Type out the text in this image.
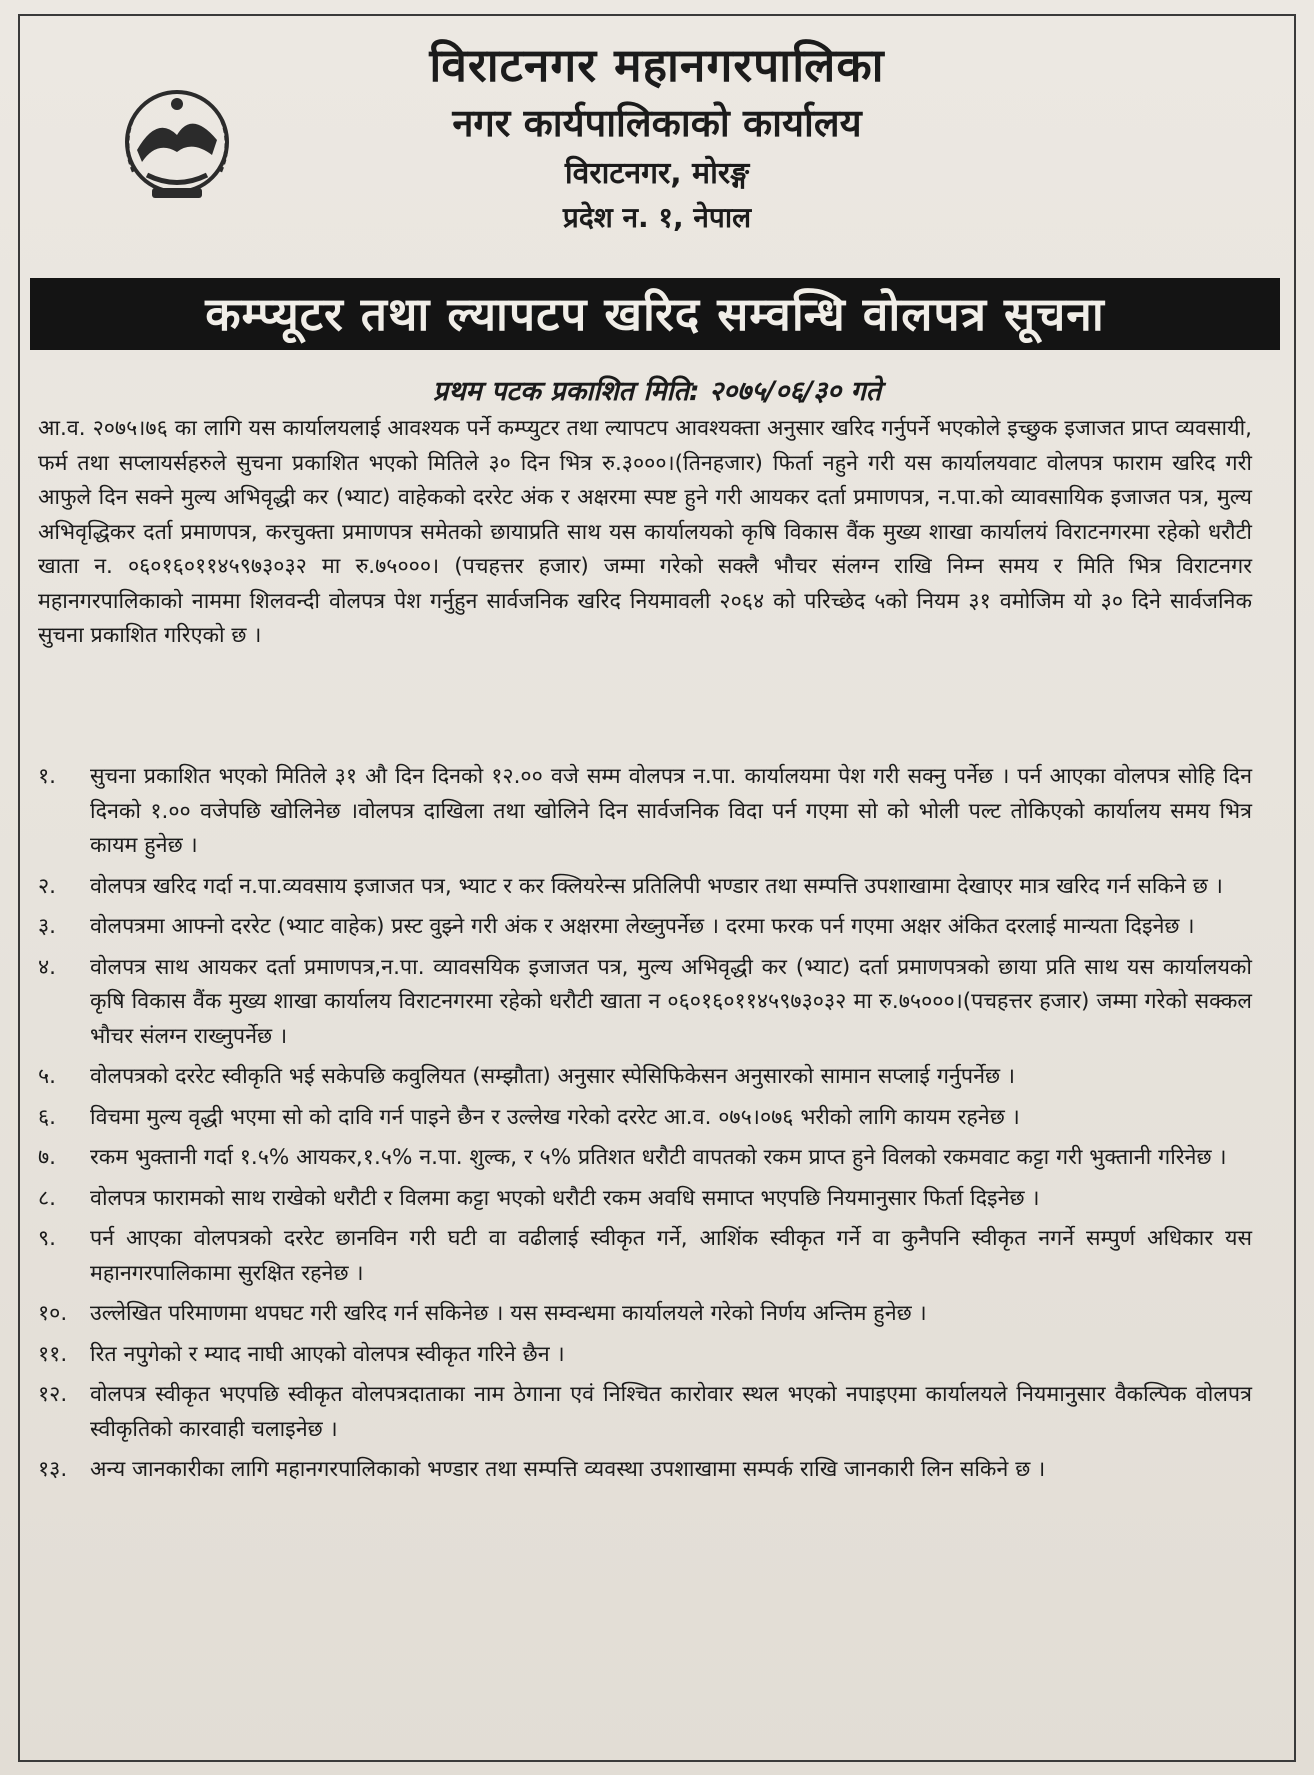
विराटनगर महानगरपालिका
नगर कार्यपालिकाको कार्यालय
विराटनगर, मोरङ्ग
प्रदेश न. १, नेपाल
कम्प्यूटर तथा ल्यापटप खरिद सम्वन्धि वोलपत्र सूचना
प्रथम पटक प्रकाशित मिति: २०७५/०६/३० गते
आ.व. २०७५।७६ का लागि यस कार्यालयलाई आवश्यक पर्ने कम्प्युटर तथा ल्यापटप आवश्यक्ता अनुसार खरिद गर्नुपर्ने भएकोले इच्छुक इजाजत प्राप्त व्यवसायी, फर्म तथा सप्लायर्सहरुले सुचना प्रकाशित भएको मितिले ३० दिन भित्र रु.३०००।(तिनहजार) फिर्ता नहुने गरी यस कार्यालयवाट वोलपत्र फाराम खरिद गरी आफुले दिन सक्ने मुल्य अभिवृद्धी कर (भ्याट) वाहेकको दररेट अंक र अक्षरमा स्पष्ट हुने गरी आयकर दर्ता प्रमाणपत्र, न.पा.को व्यावसायिक इजाजत पत्र, मुल्य अभिवृद्धिकर दर्ता प्रमाणपत्र, करचुक्ता प्रमाणपत्र समेतको छायाप्रति साथ यस कार्यालयको कृषि विकास वैंक मुख्य शाखा कार्यालयं विराटनगरमा रहेको धरौटी खाता न. ०६०१६०११४५९७३०३२ मा रु.७५०००। (पचहत्तर हजार) जम्मा गरेको सक्लै भौचर संलग्न राखि निम्न समय र मिति भित्र विराटनगर महानगरपालिकाको नाममा शिलवन्दी वोलपत्र पेश गर्नुहुन सार्वजनिक खरिद नियमावली २०६४ को परिच्छेद ५को नियम ३१ वमोजिम यो ३० दिने सार्वजनिक सुचना प्रकाशित गरिएको छ ।
१.	सुचना प्रकाशित भएको मितिले ३१ औ दिन दिनको १२.०० वजे सम्म वोलपत्र न.पा. कार्यालयमा पेश गरी सक्नु पर्नेछ । पर्न आएका वोलपत्र सोहि दिन दिनको १.०० वजेपछि खोलिनेछ ।वोलपत्र दाखिला तथा खोलिने दिन सार्वजनिक विदा पर्न गएमा सो को भोली पल्ट तोकिएको कार्यालय समय भित्र कायम हुनेछ ।
२.	वोलपत्र खरिद गर्दा न.पा.व्यवसाय इजाजत पत्र, भ्याट र कर क्लियरेन्स प्रतिलिपी भण्डार तथा सम्पत्ति उपशाखामा देखाएर मात्र खरिद गर्न सकिने छ ।
३.	वोलपत्रमा आफ्नो दररेट (भ्याट वाहेक) प्रस्ट वुझ्ने गरी अंक र अक्षरमा लेख्नुपर्नेछ । दरमा फरक पर्न गएमा अक्षर अंकित दरलाई मान्यता दिइनेछ ।
४.	वोलपत्र साथ आयकर दर्ता प्रमाणपत्र,न.पा. व्यावसयिक इजाजत पत्र, मुल्य अभिवृद्धी कर (भ्याट) दर्ता प्रमाणपत्रको छाया प्रति साथ यस कार्यालयको कृषि विकास वैंक मुख्य शाखा कार्यालय विराटनगरमा रहेको धरौटी खाता न ०६०१६०११४५९७३०३२ मा रु.७५०००।(पचहत्तर हजार) जम्मा गरेको सक्कल भौचर संलग्न राख्नुपर्नेछ ।
५.	वोलपत्रको दररेट स्वीकृति भई सकेपछि कवुलियत (सम्झौता) अनुसार स्पेसिफिकेसन अनुसारको सामान सप्लाई गर्नुपर्नेछ ।
६.	विचमा मुल्य वृद्धी भएमा सो को दावि गर्न पाइने छैन र उल्लेख गरेको दररेट आ.व. ०७५।०७६ भरीको लागि कायम रहनेछ ।
७.	रकम भुक्तानी गर्दा १.५% आयकर,१.५% न.पा. शुल्क, र ५% प्रतिशत धरौटी वापतको रकम प्राप्त हुने विलको रकमवाट कट्टा गरी भुक्तानी गरिनेछ ।
८.	वोलपत्र फारामको साथ राखेको धरौटी र विलमा कट्टा भएको धरौटी रकम अवधि समाप्त भएपछि नियमानुसार फिर्ता दिइनेछ ।
९.	पर्न आएका वोलपत्रको दररेट छानविन गरी घटी वा वढीलाई स्वीकृत गर्ने, आशिंक स्वीकृत गर्ने वा कुनैपनि स्वीकृत नगर्ने सम्पुर्ण अधिकार यस महानगरपालिकामा सुरक्षित रहनेछ ।
१०.	उल्लेखित परिमाणमा थपघट गरी खरिद गर्न सकिनेछ । यस सम्वन्धमा कार्यालयले गरेको निर्णय अन्तिम हुनेछ ।
११.	रित नपुगेको र म्याद नाघी आएको वोलपत्र स्वीकृत गरिने छैन ।
१२.	वोलपत्र स्वीकृत भएपछि स्वीकृत वोलपत्रदाताका नाम ठेगाना एवं निश्चित कारोवार स्थल भएको नपाइएमा कार्यालयले नियमानुसार वैकल्पिक वोलपत्र स्वीकृतिको कारवाही चलाइनेछ ।
१३.	अन्य जानकारीका लागि महानगरपालिकाको भण्डार तथा सम्पत्ति व्यवस्था उपशाखामा सम्पर्क राखि जानकारी लिन सकिने छ ।
